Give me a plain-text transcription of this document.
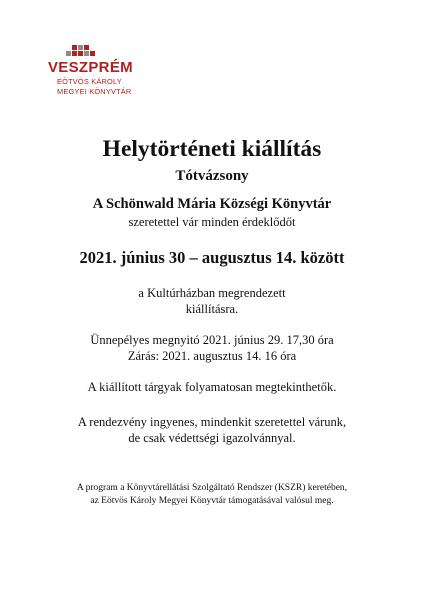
VESZPRÉM
EÖTVÖS KÁROLY
MEGYEI KÖNYVTÁR
Helytörténeti kiállítás
Tótvázsony
A Schönwald Mária Községi Könyvtár
szeretettel vár minden érdeklődőt
2021. június 30 – augusztus 14. között
a Kultúrházban megrendezett
kiállításra.
Ünnepélyes megnyitó 2021. június 29. 17,30 óra
Zárás: 2021. augusztus 14. 16 óra
A kiállított tárgyak folyamatosan megtekinthetők.
A rendezvény ingyenes, mindenkit szeretettel várunk,
de csak védettségi igazolvánnyal.
A program a Könyvtárellátási Szolgáltató Rendszer (KSZR) keretében,
az Eötvös Károly Megyei Könyvtár támogatásával valósul meg.
